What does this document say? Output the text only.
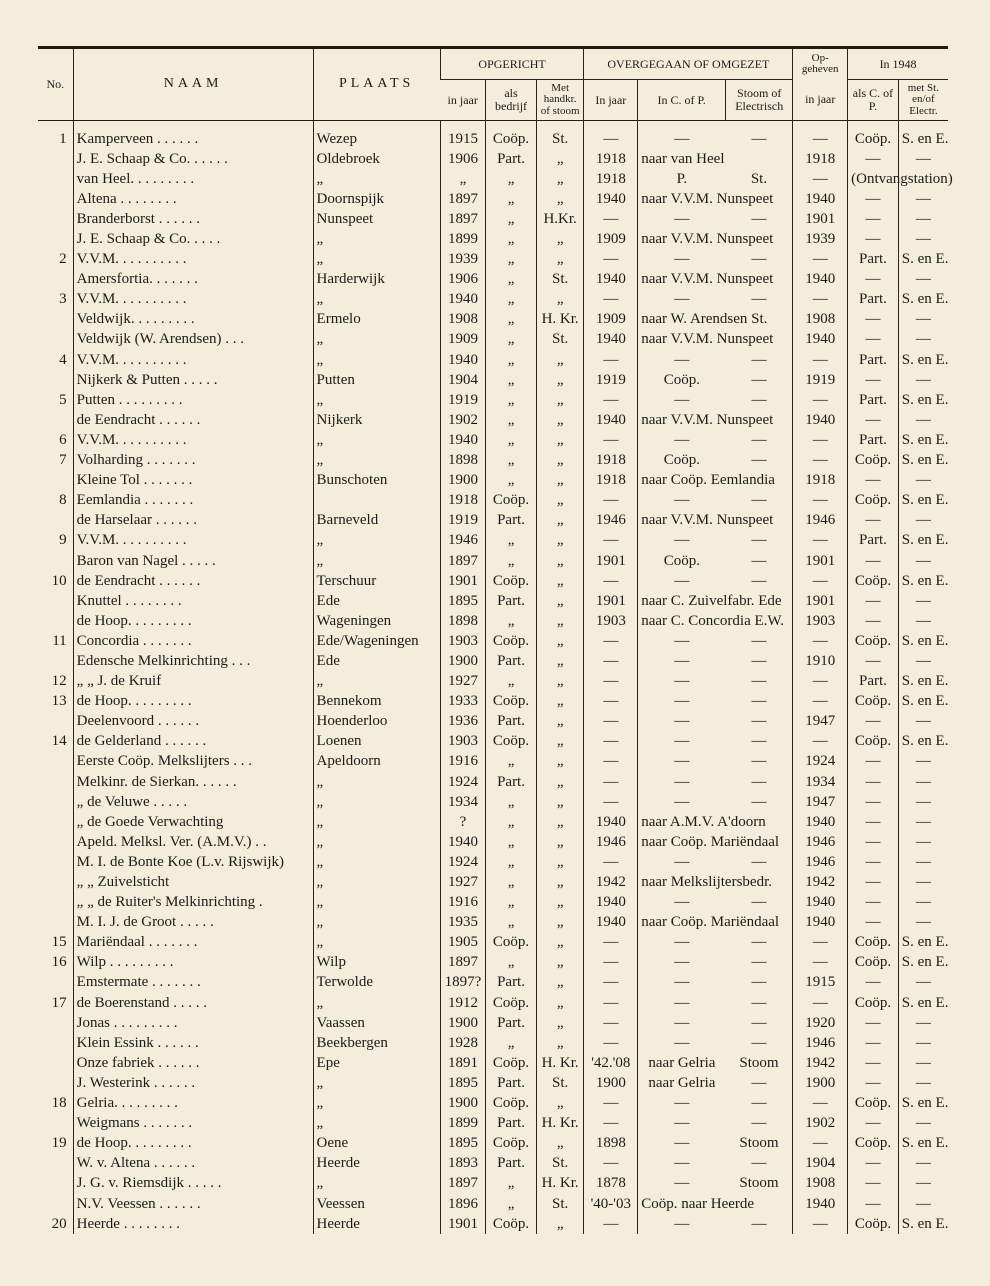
No.	NAAM	PLAATS	OPGERICHT			OVERGEGAAN OF OMGEZET			Op-geheven	In 1948	
			in jaar	als bedrijf	Met handkr. of stoom	In jaar	In C. of P.	Stoom of Electrisch	in jaar	als C. of P.	met St. en/of Electr.
1	Kamperveen . . . . . .	Wezep	1915	Coöp.	St.	—	—	—	—	Coöp.	S. en E.
	J. E. Schaap & Co. . . . . .	Oldebroek	1906	Part.	„	1918	naar van Heel		1918	—	—
	van Heel. . . . . . . . .	„	„	„	„	1918	P.	St.	—	(Ontvangstation)	
	Altena . . . . . . . .	Doornspijk	1897	„	„	1940	naar V.V.M. Nunspeet		1940	—	—
	Branderborst . . . . . .	Nunspeet	1897	„	H.Kr.	—	—	—	1901	—	—
	J. E. Schaap & Co. . . . .	„	1899	„	„	1909	naar V.V.M. Nunspeet		1939	—	—
2	V.V.M. . . . . . . . . .	„	1939	„	„	—	—	—	—	Part.	S. en E.
	Amersfortia. . . . . . .	Harderwijk	1906	„	St.	1940	naar V.V.M. Nunspeet		1940	—	—
3	V.V.M. . . . . . . . . .	„	1940	„	„	—	—	—	—	Part.	S. en E.
	Veldwijk. . . . . . . . .	Ermelo	1908	„	H. Kr.	1909	naar W. Arendsen St.		1908	—	—
	Veldwijk (W. Arendsen) . . .	„	1909	„	St.	1940	naar V.V.M. Nunspeet		1940	—	—
4	V.V.M. . . . . . . . . .	„	1940	„	„	—	—	—	—	Part.	S. en E.
	Nijkerk & Putten . . . . .	Putten	1904	„	„	1919	Coöp.	—	1919	—	—
5	Putten . . . . . . . . .	„	1919	„	„	—	—	—	—	Part.	S. en E.
	de Eendracht . . . . . .	Nijkerk	1902	„	„	1940	naar V.V.M. Nunspeet		1940	—	—
6	V.V.M. . . . . . . . . .	„	1940	„	„	—	—	—	—	Part.	S. en E.
7	Volharding . . . . . . .	„	1898	„	„	1918	Coöp.	—	—	Coöp.	S. en E.
	Kleine Tol . . . . . . .	Bunschoten	1900	„	„	1918	naar Coöp. Eemlandia		1918	—	—
8	Eemlandia . . . . . . .		1918	Coöp.	„	—	—	—	—	Coöp.	S. en E.
	de Harselaar . . . . . .	Barneveld	1919	Part.	„	1946	naar V.V.M. Nunspeet		1946	—	—
9	V.V.M. . . . . . . . . .	„	1946	„	„	—	—	—	—	Part.	S. en E.
	Baron van Nagel . . . . .	„	1897	„	„	1901	Coöp.	—	1901	—	—
10	de Eendracht . . . . . .	Terschuur	1901	Coöp.	„	—	—	—	—	Coöp.	S. en E.
	Knuttel . . . . . . . .	Ede	1895	Part.	„	1901	naar C. Zuivelfabr. Ede		1901	—	—
	de Hoop. . . . . . . . .	Wageningen	1898	„	„	1903	naar C. Concordia E.W.		1903	—	—
11	Concordia . . . . . . .	Ede/Wageningen	1903	Coöp.	„	—	—	—	—	Coöp.	S. en E.
	Edensche Melkinrichting . . .	Ede	1900	Part.	„	—	—	—	1910	—	—
12	„ „ J. de Kruif	„	1927	„	„	—	—	—	—	Part.	S. en E.
13	de Hoop. . . . . . . . .	Bennekom	1933	Coöp.	„	—	—	—	—	Coöp.	S. en E.
	Deelenvoord . . . . . .	Hoenderloo	1936	Part.	„	—	—	—	1947	—	—
14	de Gelderland . . . . . .	Loenen	1903	Coöp.	„	—	—	—	—	Coöp.	S. en E.
	Eerste Coöp. Melkslijters . . .	Apeldoorn	1916	„	„	—	—	—	1924	—	—
	Melkinr. de Sierkan. . . . . .	„	1924	Part.	„	—	—	—	1934	—	—
	„ de Veluwe . . . . .	„	1934	„	„	—	—	—	1947	—	—
	„ de Goede Verwachting	„	?	„	„	1940	naar A.M.V. A'doorn		1940	—	—
	Apeld. Melksl. Ver. (A.M.V.) . .	„	1940	„	„	1946	naar Coöp. Mariëndaal		1946	—	—
	M. I. de Bonte Koe (L.v. Rijswijk)	„	1924	„	„	—	—	—	1946	—	—
	„ „ Zuivelsticht	„	1927	„	„	1942	naar Melkslijtersbedr.		1942	—	—
	„ „ de Ruiter's Melkinrichting .	„	1916	„	„	1940	—	—	1940	—	—
	M. I. J. de Groot . . . . .	„	1935	„	„	1940	naar Coöp. Mariëndaal		1940	—	—
15	Mariëndaal . . . . . . .	„	1905	Coöp.	„	—	—	—	—	Coöp.	S. en E.
16	Wilp . . . . . . . . .	Wilp	1897	„	„	—	—	—	—	Coöp.	S. en E.
	Emstermate . . . . . . .	Terwolde	1897?	Part.	„	—	—	—	1915	—	—
17	de Boerenstand . . . . .	„	1912	Coöp.	„	—	—	—	—	Coöp.	S. en E.
	Jonas . . . . . . . . .	Vaassen	1900	Part.	„	—	—	—	1920	—	—
	Klein Essink . . . . . .	Beekbergen	1928	„	„	—	—	—	1946	—	—
	Onze fabriek . . . . . .	Epe	1891	Coöp.	H. Kr.	'42.'08	naar Gelria	Stoom	1942	—	—
	J. Westerink . . . . . .	„	1895	Part.	St.	1900	naar Gelria	—	1900	—	—
18	Gelria. . . . . . . . .	„	1900	Coöp.	„	—	—	—	—	Coöp.	S. en E.
	Weigmans . . . . . . .	„	1899	Part.	H. Kr.	—	—	—	1902	—	—
19	de Hoop. . . . . . . . .	Oene	1895	Coöp.	„	1898	—	Stoom	—	Coöp.	S. en E.
	W. v. Altena . . . . . .	Heerde	1893	Part.	St.	—	—	—	1904	—	—
	J. G. v. Riemsdijk . . . . .	„	1897	„	H. Kr.	1878	—	Stoom	1908	—	—
	N.V. Veessen . . . . . .	Veessen	1896	„	St.	'40-'03	Coöp. naar Heerde		1940	—	—
20	Heerde . . . . . . . .	Heerde	1901	Coöp.	„	—	—	—	—	Coöp.	S. en E.
